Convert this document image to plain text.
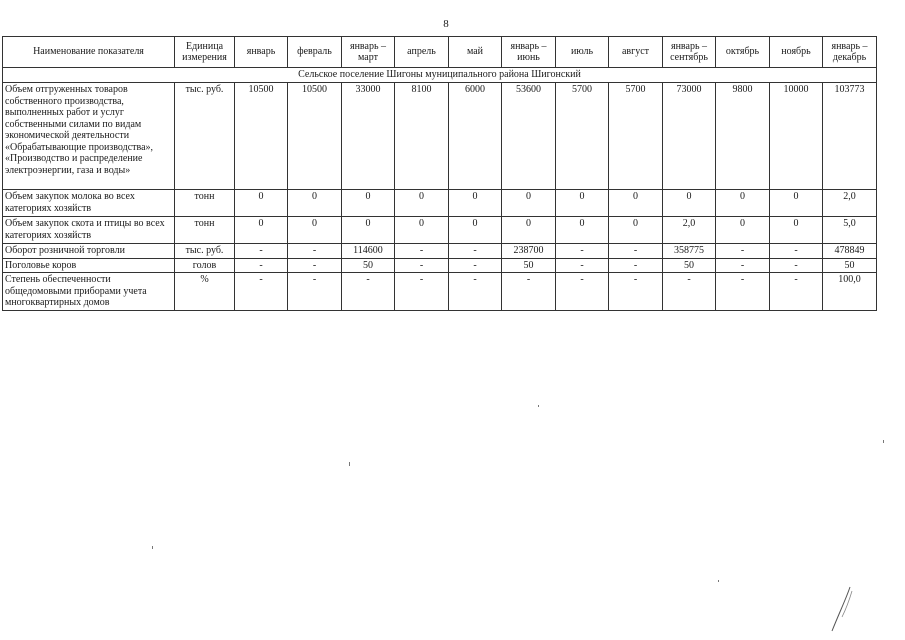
8
Наименование показателя	Единица измерения	январь	февраль	январь – март	апрель	май	январь – июнь	июль	август	январь – сентябрь	октябрь	ноябрь	январь – декабрь
Сельское поселение Шигоны муниципального района Шигонский													
Объем отгруженных товаров собственного производства, выполненных работ и услуг собственными силами по видам экономической деятельности «Обрабатывающие производства», «Производство и распределение электроэнергии, газа и воды»	тыс. руб.	10500	10500	33000	8100	6000	53600	5700	5700	73000	9800	10000	103773
Объем закупок молока во всех категориях хозяйств	тонн	0	0	0	0	0	0	0	0	0	0	0	2,0
Объем закупок скота и птицы во всех категориях хозяйств	тонн	0	0	0	0	0	0	0	0	2,0	0	0	5,0
Оборот розничной торговли	тыс. руб.	-	-	114600	-	-	238700	-	-	358775	-	-	478849
Поголовье коров	голов	-	-	50	-	-	50	-	-	50	-	-	50
Степень обеспеченности общедомовыми приборами учета многоквартирных домов	%	-	-	-	-	-	-	-	-	-	-	-	100,0
